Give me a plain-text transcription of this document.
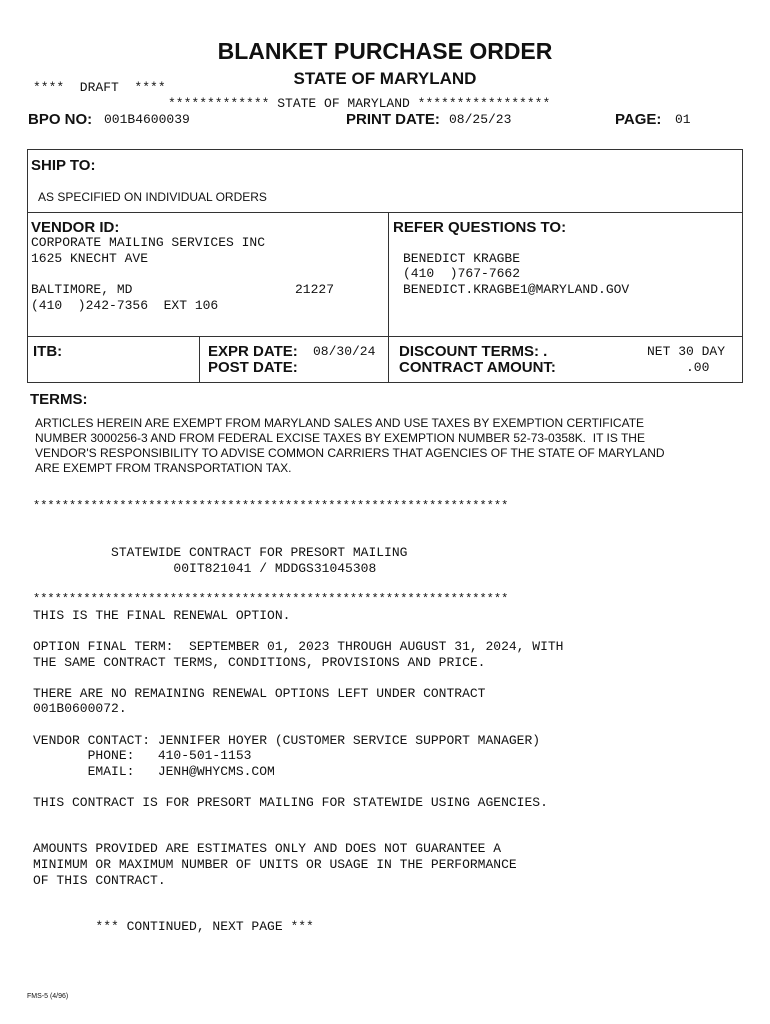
BLANKET PURCHASE ORDER
STATE OF MARYLAND
****  DRAFT  ****
************* STATE OF MARYLAND *****************
BPO NO: 001B4600039	PRINT DATE: 08/25/23	PAGE: 01
SHIP TO:
AS SPECIFIED ON INDIVIDUAL ORDERS
VENDOR ID:
CORPORATE MAILING SERVICES INC
1625 KNECHT AVE
BALTIMORE, MD	21227
(410  )242-7356  EXT 106
REFER QUESTIONS TO:
BENEDICT KRAGBE
(410  )767-7662
BENEDICT.KRAGBE1@MARYLAND.GOV
ITB:	EXPR DATE: 08/30/24
POST DATE:
DISCOUNT TERMS: .	NET 30 DAY
CONTRACT AMOUNT:	.00
TERMS:
ARTICLES HEREIN ARE EXEMPT FROM MARYLAND SALES AND USE TAXES BY EXEMPTION CERTIFICATE
NUMBER 3000256-3 AND FROM FEDERAL EXCISE TAXES BY EXEMPTION NUMBER 52-73-0358K.  IT IS THE
VENDOR'S RESPONSIBILITY TO ADVISE COMMON CARRIERS THAT AGENCIES OF THE STATE OF MARYLAND
ARE EXEMPT FROM TRANSPORTATION TAX.
******************************************************************
STATEWIDE CONTRACT FOR PRESORT MAILING
00IT821041 / MDDGS31045308
******************************************************************
THIS IS THE FINAL RENEWAL OPTION.
OPTION FINAL TERM:  SEPTEMBER 01, 2023 THROUGH AUGUST 31, 2024, WITH
THE SAME CONTRACT TERMS, CONDITIONS, PROVISIONS AND PRICE.
THERE ARE NO REMAINING RENEWAL OPTIONS LEFT UNDER CONTRACT
001B0600072.
VENDOR CONTACT: JENNIFER HOYER (CUSTOMER SERVICE SUPPORT MANAGER)
PHONE:   410-501-1153
EMAIL:   JENH@WHYCMS.COM
THIS CONTRACT IS FOR PRESORT MAILING FOR STATEWIDE USING AGENCIES.
AMOUNTS PROVIDED ARE ESTIMATES ONLY AND DOES NOT GUARANTEE A
MINIMUM OR MAXIMUM NUMBER OF UNITS OR USAGE IN THE PERFORMANCE
OF THIS CONTRACT.
*** CONTINUED, NEXT PAGE ***
FMS-5 (4/96)
